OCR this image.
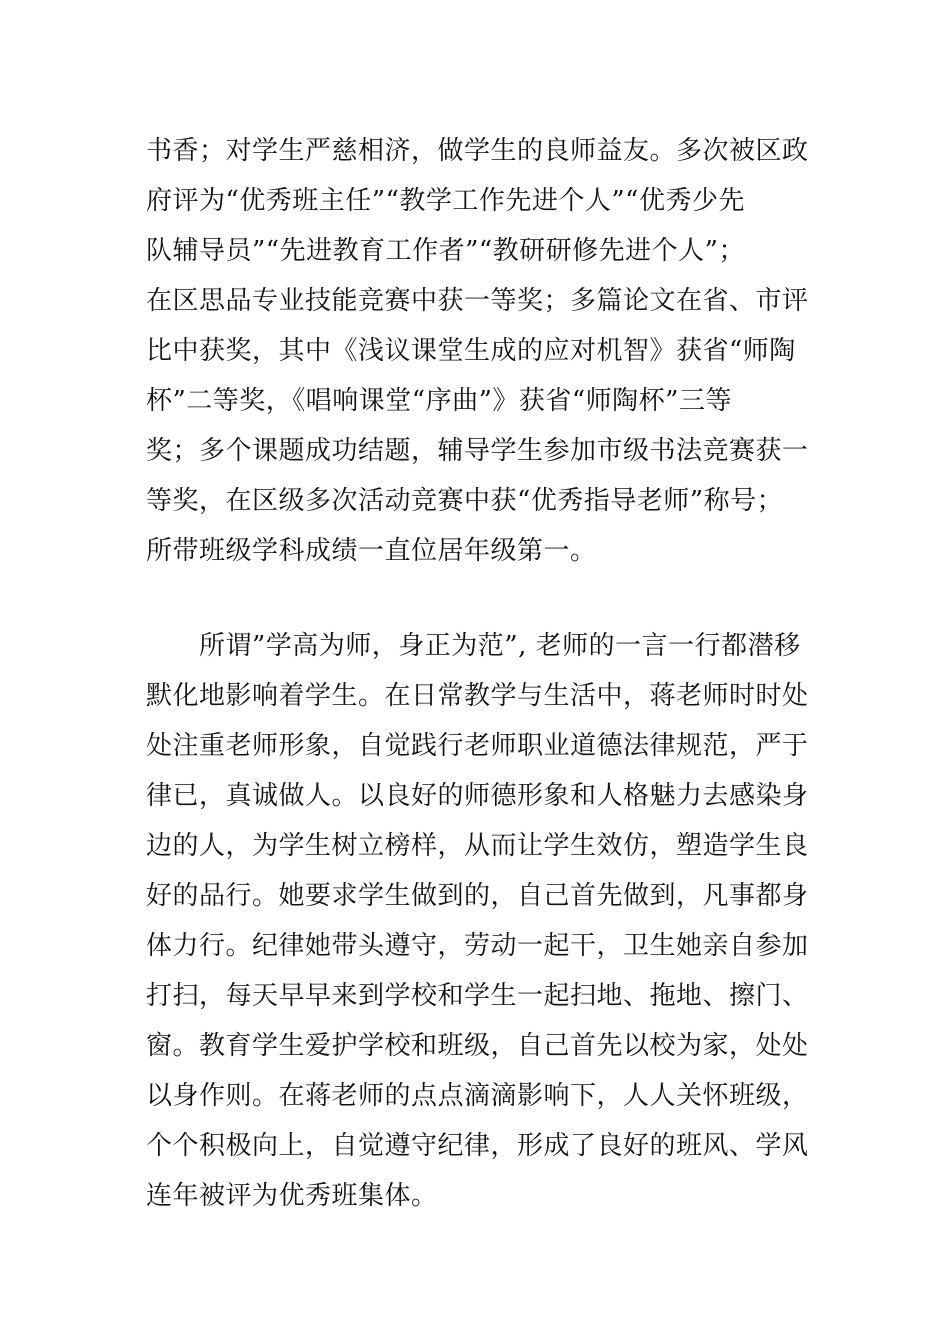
书香；对学生严慈相济，做学生的良师益友。多次被区政
府评为“优秀班主任”“教学工作先进个人”“优秀少先
队辅导员”“先进教育工作者”“教研研修先进个人”；
在区思品专业技能竞赛中获一等奖；多篇论文在省、市评
比中获奖，其中《浅议课堂生成的应对机智》获省“师陶
杯”二等奖，《唱响课堂“序曲”》获省“师陶杯”三等
奖；多个课题成功结题，辅导学生参加市级书法竞赛获一
等奖，在区级多次活动竞赛中获“优秀指导老师”称号；
所带班级学科成绩一直位居年级第一。
　　所谓”学高为师，身正为范”, 老师的一言一行都潜移
默化地影响着学生。在日常教学与生活中，蒋老师时时处
处注重老师形象，自觉践行老师职业道德法律规范，严于
律已，真诚做人。以良好的师德形象和人格魅力去感染身
边的人，为学生树立榜样，从而让学生效仿，塑造学生良
好的品行。她要求学生做到的，自己首先做到，凡事都身
体力行。纪律她带头遵守，劳动一起干，卫生她亲自参加
打扫，每天早早来到学校和学生一起扫地、拖地、擦门、
窗。教育学生爱护学校和班级，自己首先以校为家，处处
以身作则。在蒋老师的点点滴滴影响下，人人关怀班级，
个个积极向上，自觉遵守纪律，形成了良好的班风、学风
连年被评为优秀班集体。
